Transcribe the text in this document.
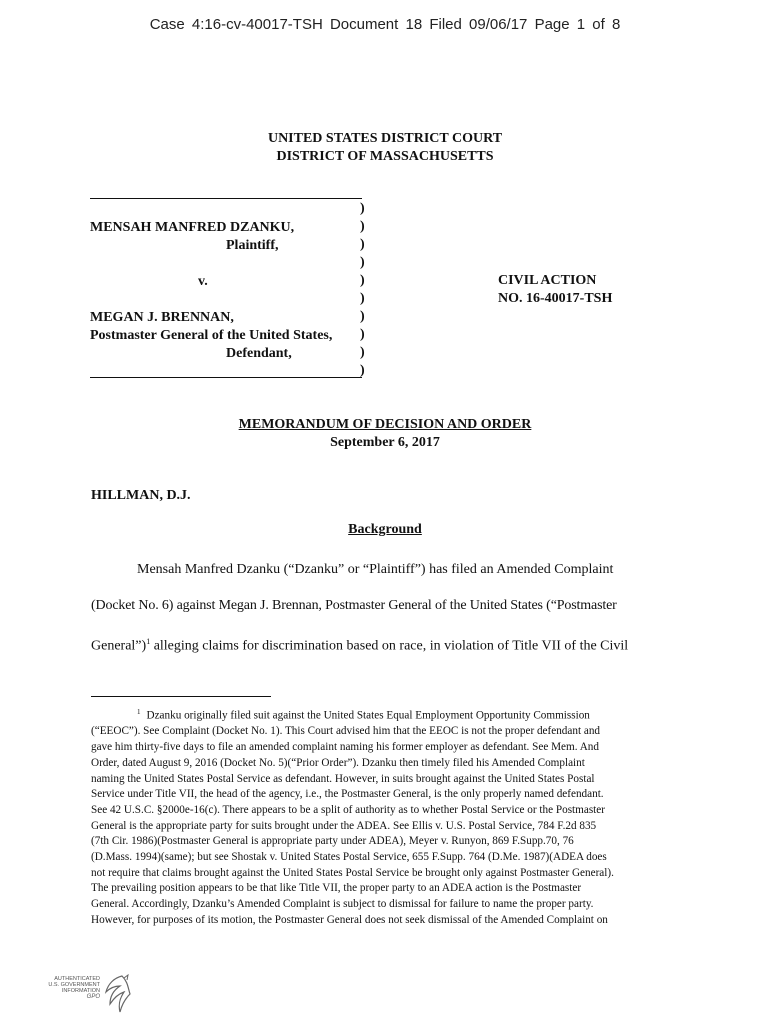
Case 4:16-cv-40017-TSH Document 18 Filed 09/06/17 Page 1 of 8
UNITED STATES DISTRICT COURT
DISTRICT OF MASSACHUSETTS
MENSAH MANFRED DZANKU,
Plaintiff,
v.
MEGAN J. BRENNAN,
Postmaster General of the United States,
Defendant,
)
)
)
)
)
)
)
)
)
)
CIVIL ACTION
NO. 16-40017-TSH
MEMORANDUM OF DECISION AND ORDER
September 6, 2017
HILLMAN, D.J.
Background

Mensah Manfred Dzanku (“Dzanku” or “Plaintiff”) has filed an Amended Complaint

(Docket No. 6) against Megan J. Brennan, Postmaster General of the United States (“Postmaster

General”)$^1$ alleging claims for discrimination based on race, in violation of Title VII of the Civil

$^1$ Dzanku originally filed suit against the United States Equal Employment Opportunity Commission

(“EEOC”). See Complaint (Docket No. 1). This Court advised him that the EEOC is not the proper defendant and

gave him thirty-five days to file an amended complaint naming his former employer as defendant. See Mem. And

Order, dated August 9, 2016 (Docket No. 5)(“Prior Order”). Dzanku then timely filed his Amended Complaint

naming the United States Postal Service as defendant. However, in suits brought against the United States Postal

Service under Title VII, the head of the agency, i.e., the Postmaster General, is the only properly named defendant.

See 42 U.S.C. §2000e-16(c). There appears to be a split of authority as to whether Postal Service or the Postmaster

General is the appropriate party for suits brought under the ADEA. See Ellis v. U.S. Postal Service, 784 F.2d 835

(7th Cir. 1986)(Postmaster General is appropriate party under ADEA), Meyer v. Runyon, 869 F.Supp.70, 76

(D.Mass. 1994)(same); but see Shostak v. United States Postal Service, 655 F.Supp. 764 (D.Me. 1987)(ADEA does

not require that claims brought against the United States Postal Service be brought only against Postmaster General).

The prevailing position appears to be that like Title VII, the proper party to an ADEA action is the Postmaster

General. Accordingly, Dzanku’s Amended Complaint is subject to dismissal for failure to name the proper party.

However, for purposes of its motion, the Postmaster General does not seek dismissal of the Amended Complaint on

AUTHENTICATED
U.S. GOVERNMENT
INFORMATION
GPO
